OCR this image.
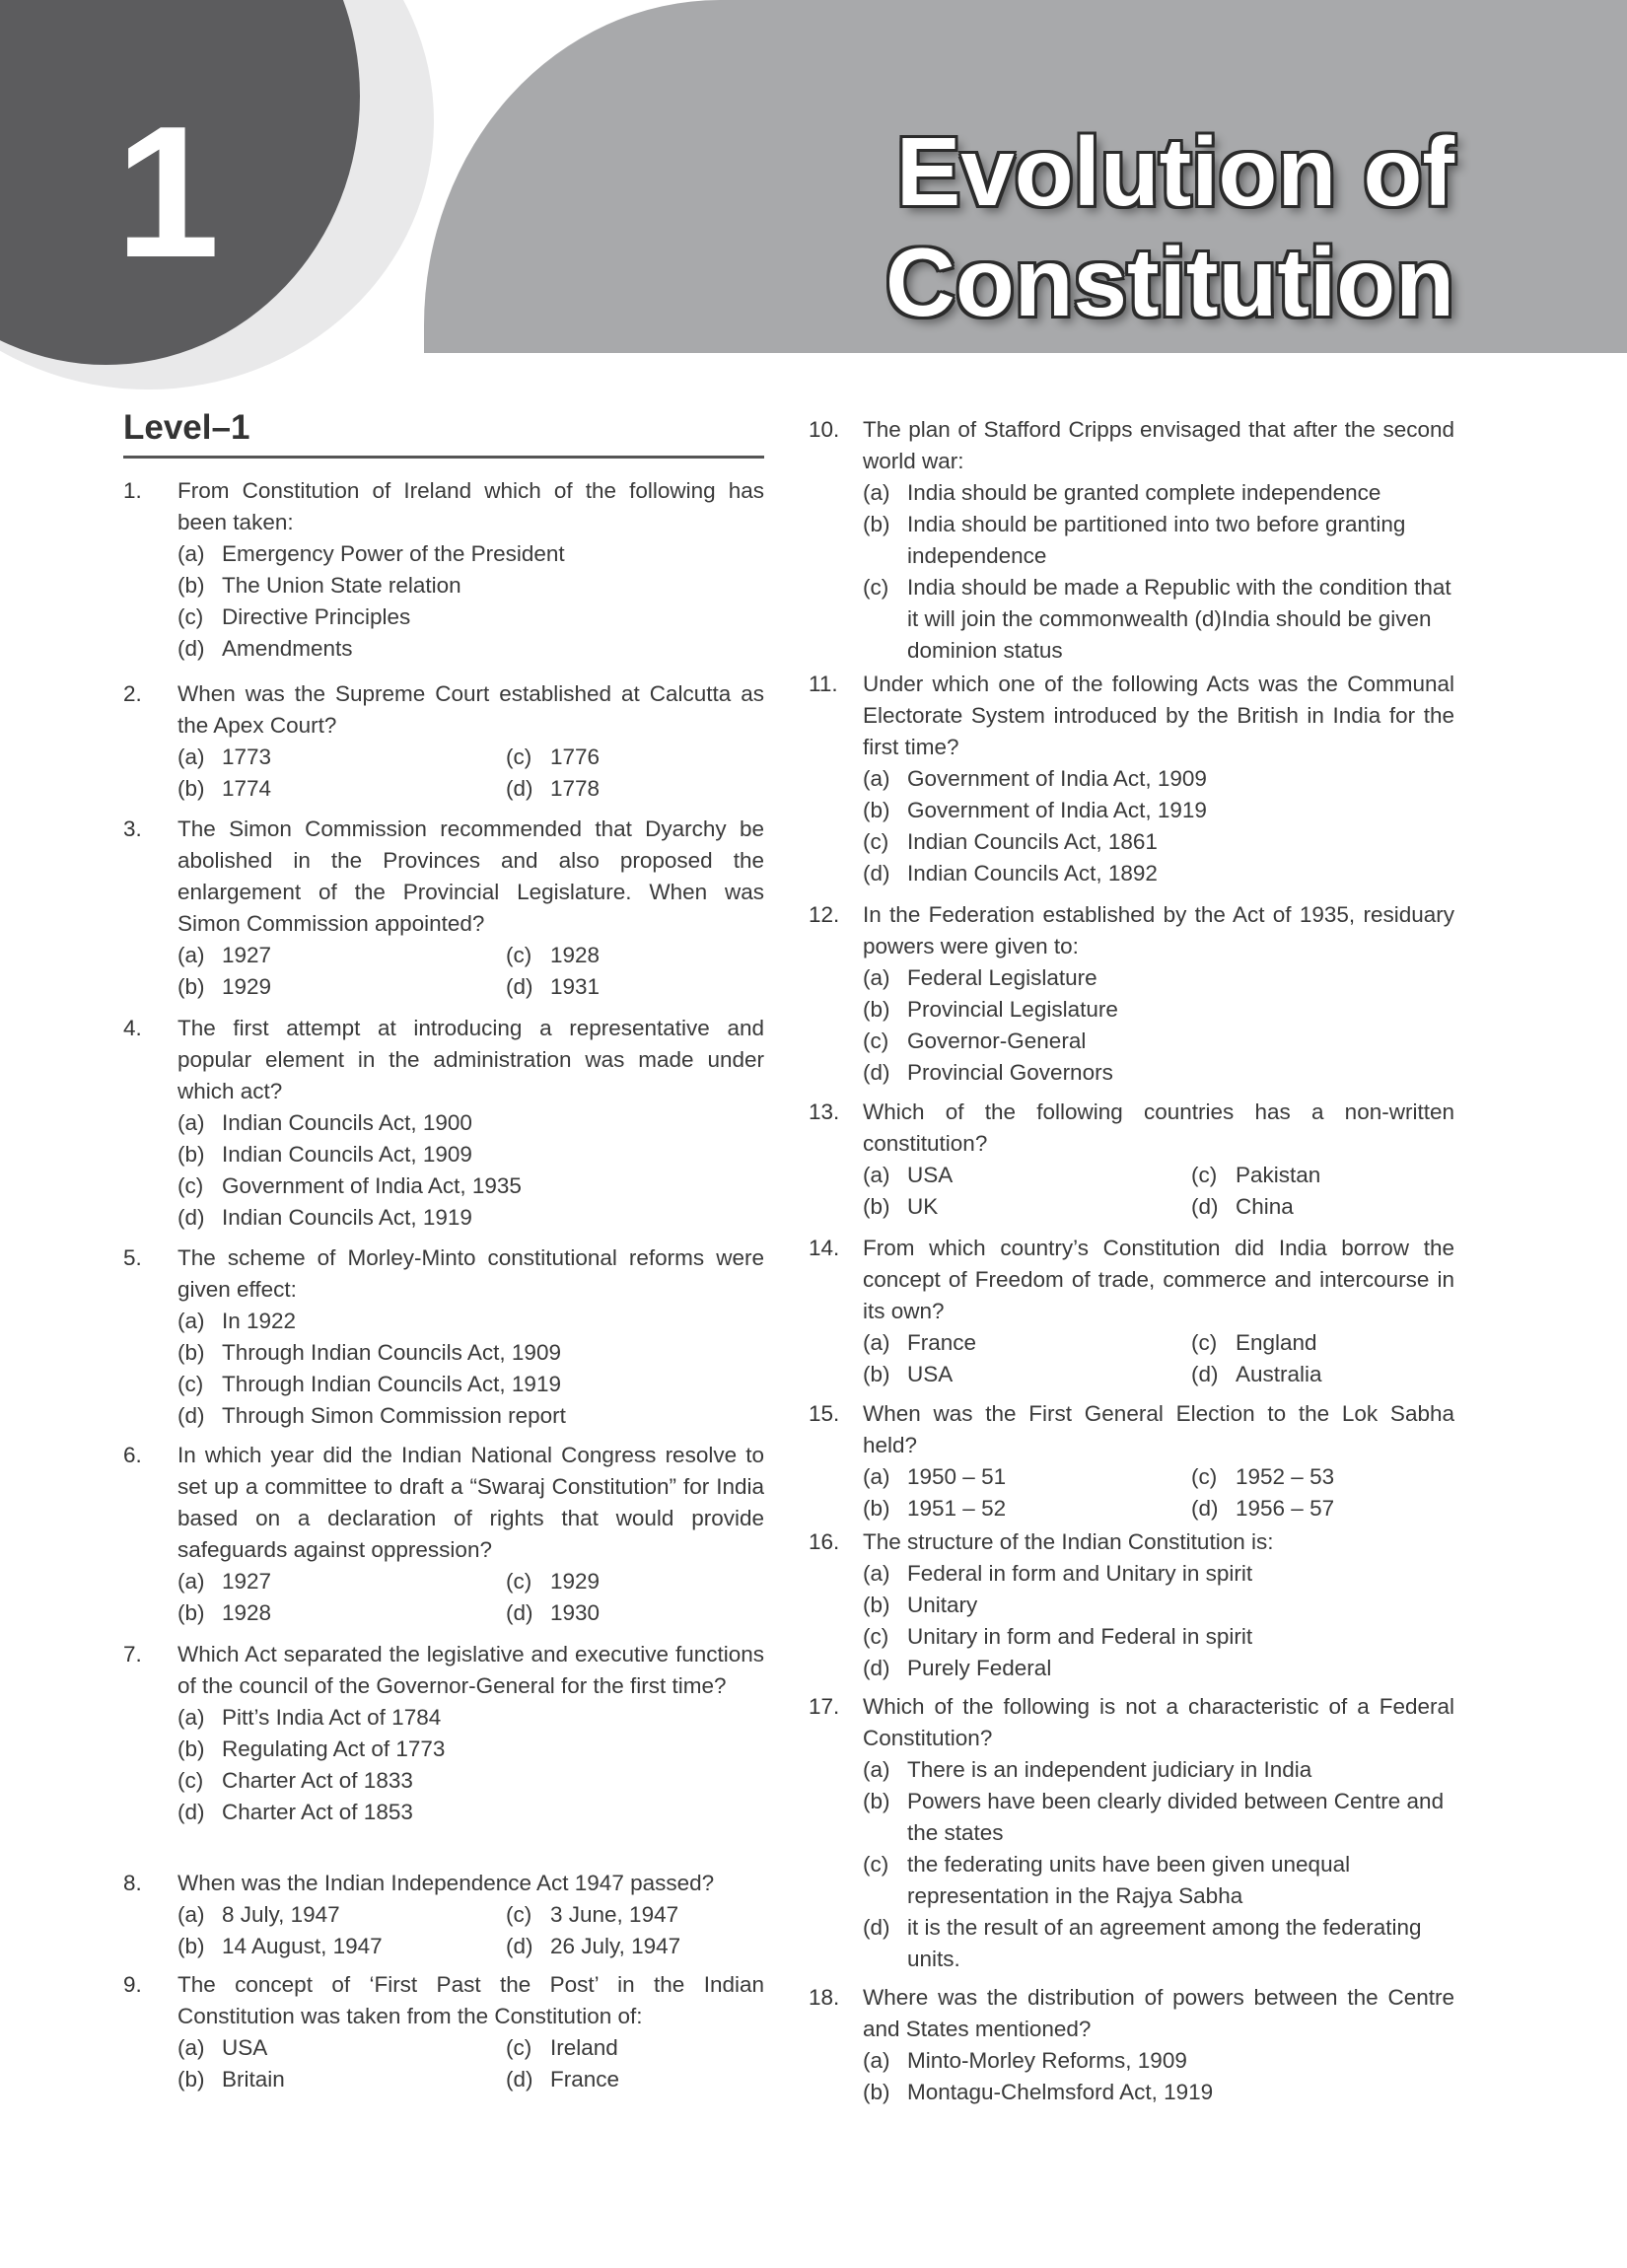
1	Evolution of
Constitution
Level–1
1. From Constitution of Ireland which of the following has been taken:
(a) Emergency Power of the President
(b) The Union State relation
(c) Directive Principles
(d) Amendments
2. When was the Supreme Court established at Calcutta as the Apex Court?
(a) 1773	(c) 1776
(b) 1774	(d) 1778
3. The Simon Commission recommended that Dyarchy be abolished in the Provinces and also proposed the enlargement of the Provincial Legislature. When was Simon Commission appointed?
(a) 1927	(c) 1928
(b) 1929	(d) 1931
4. The first attempt at introducing a representative and popular element in the administration was made under which act?
(a) Indian Councils Act, 1900
(b) Indian Councils Act, 1909
(c) Government of India Act, 1935
(d) Indian Councils Act, 1919
5. The scheme of Morley-Minto constitutional reforms were given effect:
(a) In 1922
(b) Through Indian Councils Act, 1909
(c) Through Indian Councils Act, 1919
(d) Through Simon Commission report
6. In which year did the Indian National Congress resolve to set up a committee to draft a “Swaraj Constitution” for India based on a declaration of rights that would provide safeguards against oppression?
(a) 1927	(c) 1929
(b) 1928	(d) 1930
7. Which Act separated the legislative and executive functions of the council of the Governor-General for the first time?
(a) Pitt’s India Act of 1784
(b) Regulating Act of 1773
(c) Charter Act of 1833
(d) Charter Act of 1853
8. When was the Indian Independence Act 1947 passed?
(a) 8 July, 1947	(c) 3 June, 1947
(b) 14 August, 1947	(d) 26 July, 1947
9. The concept of ‘First Past the Post’ in the Indian Constitution was taken from the Constitution of:
(a) USA	(c) Ireland
(b) Britain	(d) France
10. The plan of Stafford Cripps envisaged that after the second world war:
(a) India should be granted complete independence
(b) India should be partitioned into two before granting independence
(c) India should be made a Republic with the condition that it will join the commonwealth (d)India should be given dominion status
11. Under which one of the following Acts was the Communal Electorate System introduced by the British in India for the first time?
(a) Government of India Act, 1909
(b) Government of India Act, 1919
(c) Indian Councils Act, 1861
(d) Indian Councils Act, 1892
12. In the Federation established by the Act of 1935, residuary powers were given to:
(a) Federal Legislature
(b) Provincial Legislature
(c) Governor-General
(d) Provincial Governors
13. Which of the following countries has a non-written constitution?
(a) USA	(c) Pakistan
(b) UK	(d) China
14. From which country’s Constitution did India borrow the concept of Freedom of trade, commerce and intercourse in its own?
(a) France	(c) England
(b) USA	(d) Australia
15. When was the First General Election to the Lok Sabha held?
(a) 1950 – 51	(c) 1952 – 53
(b) 1951 – 52	(d) 1956 – 57
16. The structure of the Indian Constitution is:
(a) Federal in form and Unitary in spirit
(b) Unitary
(c) Unitary in form and Federal in spirit
(d) Purely Federal
17. Which of the following is not a characteristic of a Federal Constitution?
(a) There is an independent judiciary in India
(b) Powers have been clearly divided between Centre and the states
(c) the federating units have been given unequal representation in the Rajya Sabha
(d) it is the result of an agreement among the federating units.
18. Where was the distribution of powers between the Centre and States mentioned?
(a) Minto-Morley Reforms, 1909
(b) Montagu-Chelmsford Act, 1919
